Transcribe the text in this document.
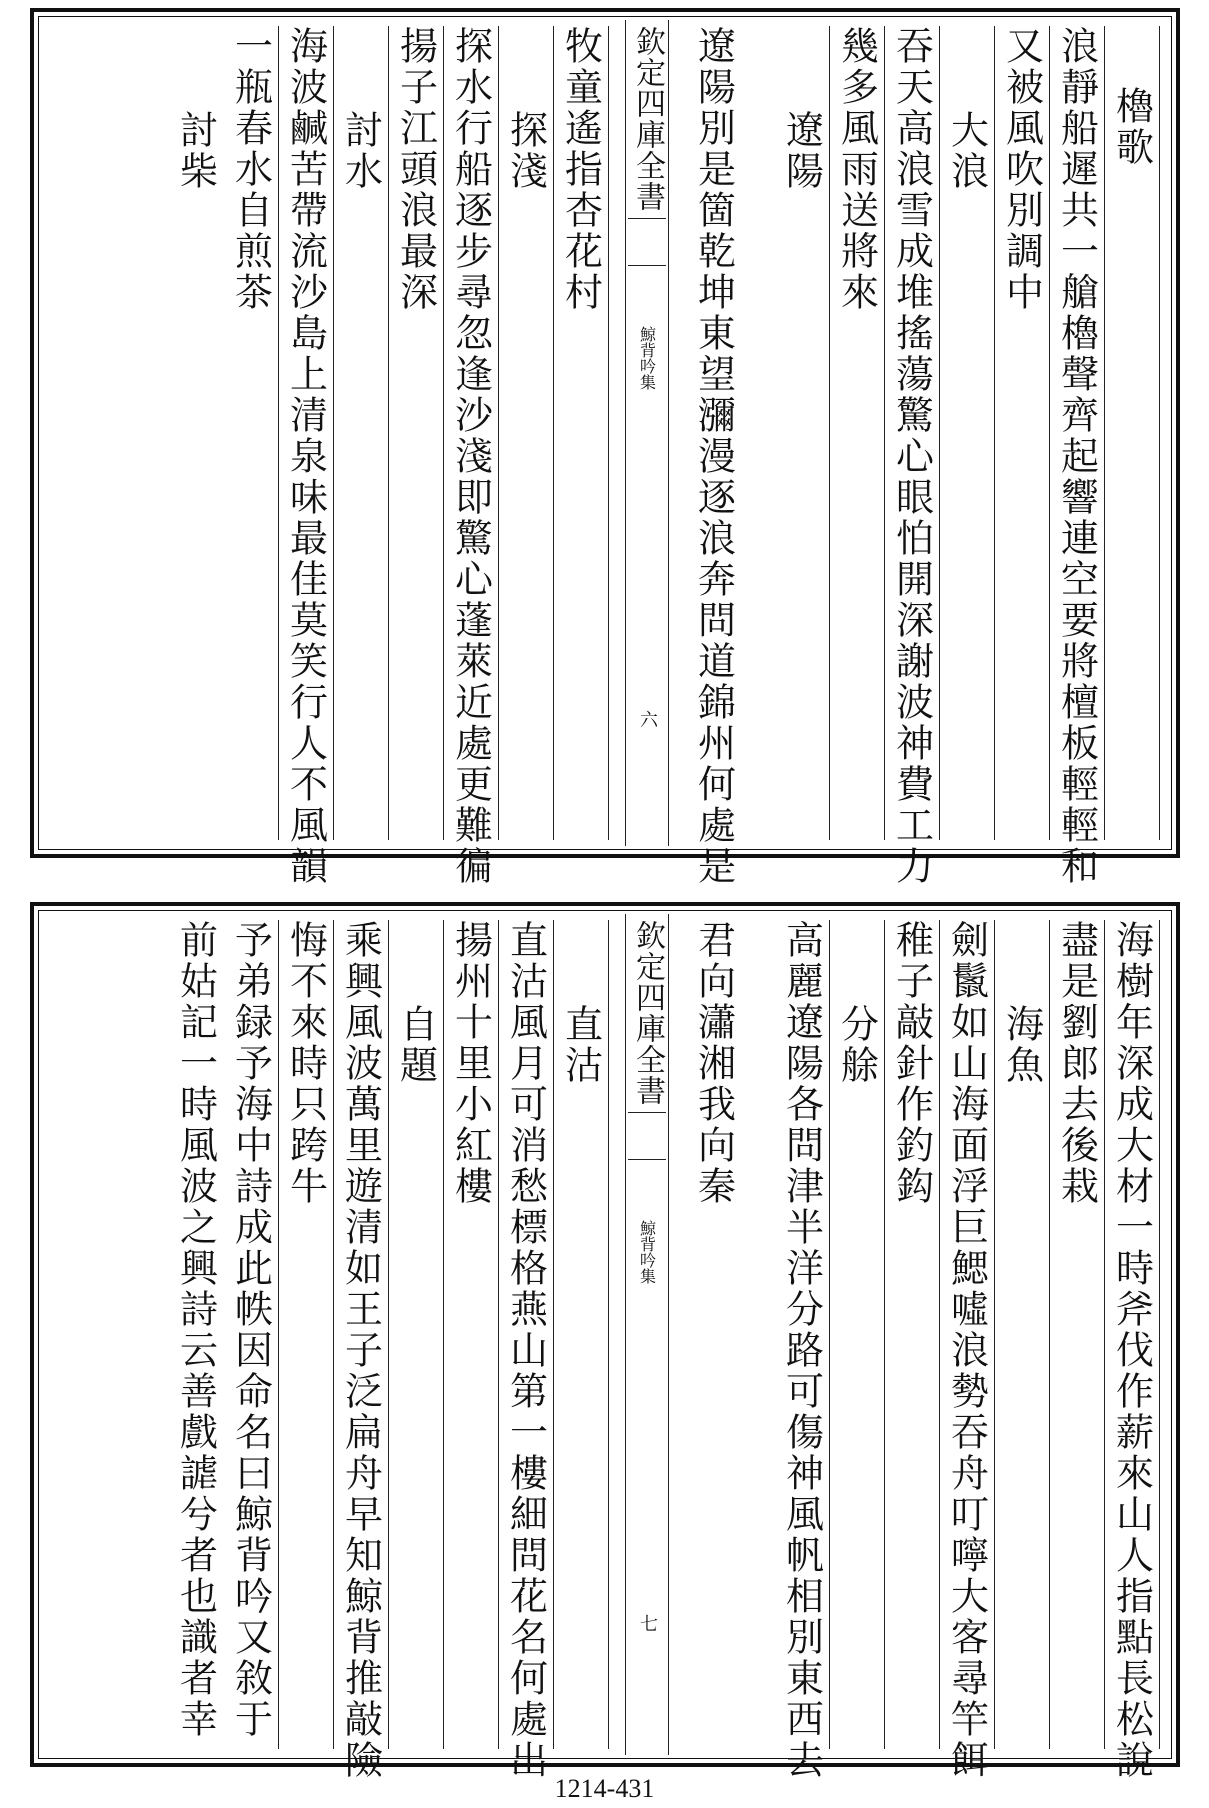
櫓歌
浪靜船遲共一艙櫓聲齊起響連空要將檀板輕輕和
又被風吹別調中
大浪
吞天高浪雪成堆搖蕩驚心眼怕開深謝波神費工力
幾多風雨送將來
遼陽
遼陽別是箇乾坤東望瀰漫逐浪奔問道錦州何處是
欽定四庫全書
鯨背吟集
六
牧童遙指杏花村
探淺
探水行船逐步尋忽逢沙淺即驚心蓬萊近處更難徧
揚子江頭浪最深
討水
海波鹹苦帶流沙島上清泉味最佳莫笑行人不風韻
一瓶春水自煎茶
討柴
海樹年深成大材一時斧伐作薪來山人指點長松說
盡是劉郎去後栽
海魚
劍鬛如山海面浮巨鰓噓浪勢吞舟叮嚀大客尋竿餌
稚子敲針作釣鈎
分艅
高麗遼陽各問津半洋分路可傷神風帆相別東西去
君向瀟湘我向秦
欽定四庫全書
鯨背吟集
七
直沽
直沽風月可消愁標格燕山第一樓細問花名何處出
揚州十里小紅樓
自題
乘興風波萬里遊清如王子泛扁舟早知鯨背推敲險
悔不來時只跨牛
予弟録予海中詩成此帙因命名曰鯨背吟又敘于
前姑記一時風波之興詩云善戲謔兮者也識者幸
1214-431
